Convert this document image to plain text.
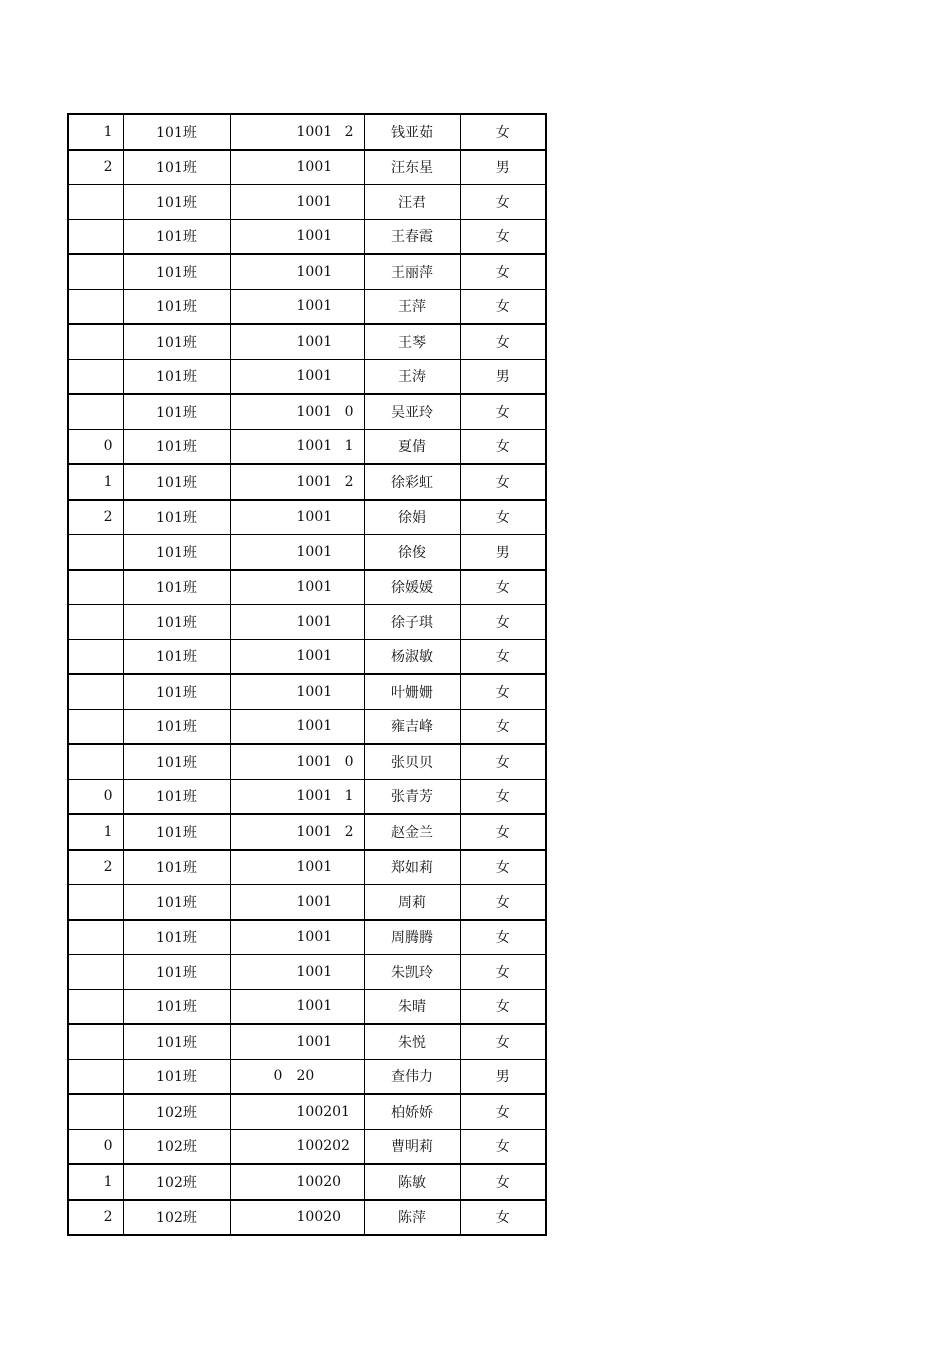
1	101班	1001 2	钱亚茹	女
2	101班	1001	汪东星	男
	101班	1001	汪君	女
	101班	1001	王春霞	女
	101班	1001	王丽萍	女
	101班	1001	王萍	女
	101班	1001	王琴	女
	101班	1001	王涛	男
	101班	1001 0	吴亚玲	女
0	101班	1001 1	夏倩	女
1	101班	1001 2	徐彩虹	女
2	101班	1001	徐娟	女
	101班	1001	徐俊	男
	101班	1001	徐媛媛	女
	101班	1001	徐子琪	女
	101班	1001	杨淑敏	女
	101班	1001	叶姗姗	女
	101班	1001	雍吉峰	女
	101班	1001 0	张贝贝	女
0	101班	1001 1	张青芳	女
1	101班	1001 2	赵金兰	女
2	101班	1001	郑如莉	女
	101班	1001	周莉	女
	101班	1001	周腾腾	女
	101班	1001	朱凯玲	女
	101班	1001	朱晴	女
	101班	1001	朱悦	女
	101班	0 20	查伟力	男
	102班	100201	柏娇娇	女
0	102班	100202	曹明莉	女
1	102班	10020	陈敏	女
2	102班	10020	陈萍	女
